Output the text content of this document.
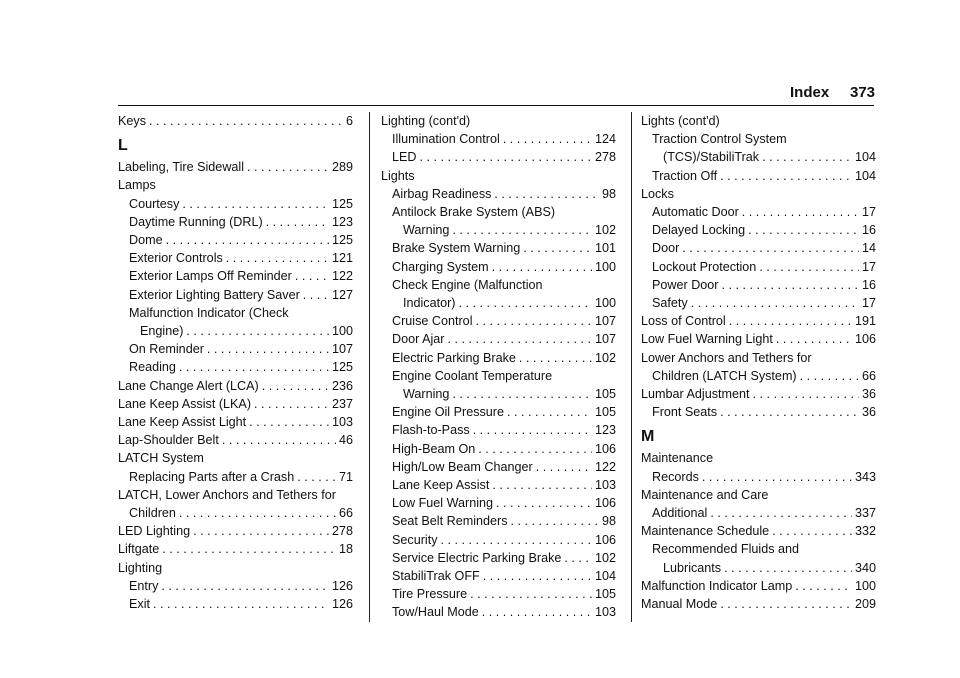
Index 373
Keys . . .	6
L
Labeling, Tire Sidewall . . .	289
Lamps
Courtesy . . .	125
Daytime Running (DRL) . . .	123
Dome . . .	125
Exterior Controls . . .	121
Exterior Lamps Off Reminder . . .	122
Exterior Lighting Battery Saver . . .	127
Malfunction Indicator (Check
Engine) . . .	100
On Reminder . . .	107
Reading . . .	125
Lane Change Alert (LCA) . . .	236
Lane Keep Assist (LKA) . . .	237
Lane Keep Assist Light . . .	103
Lap-Shoulder Belt . . .	46
LATCH System
Replacing Parts after a Crash . . .	71
LATCH, Lower Anchors and Tethers for
Children . . .	66
LED Lighting . . .	278
Liftgate . . .	18
Lighting
Entry . . .	126
Exit . . .	126
Lighting (cont'd)
Illumination Control . . .	124
LED . . .	278
Lights
Airbag Readiness . . .	98
Antilock Brake System (ABS)
Warning . . .	102
Brake System Warning . . .	101
Charging System . . .	100
Check Engine (Malfunction
Indicator) . . .	100
Cruise Control . . .	107
Door Ajar . . .	107
Electric Parking Brake . . .	102
Engine Coolant Temperature
Warning . . .	105
Engine Oil Pressure . . .	105
Flash-to-Pass . . .	123
High-Beam On . . .	106
High/Low Beam Changer . . .	122
Lane Keep Assist . . .	103
Low Fuel Warning . . .	106
Seat Belt Reminders . . .	98
Security . . .	106
Service Electric Parking Brake . . .	102
StabiliTrak OFF . . .	104
Tire Pressure . . .	105
Tow/Haul Mode . . .	103
Lights (cont'd)
Traction Control System
(TCS)/StabiliTrak . . .	104
Traction Off . . .	104
Locks
Automatic Door . . .	17
Delayed Locking . . .	16
Door . . .	14
Lockout Protection . . .	17
Power Door . . .	16
Safety . . .	17
Loss of Control . . .	191
Low Fuel Warning Light . . .	106
Lower Anchors and Tethers for
Children (LATCH System) . . .	66
Lumbar Adjustment . . .	36
Front Seats . . .	36
M
Maintenance
Records . . .	343
Maintenance and Care
Additional . . .	337
Maintenance Schedule . . .	332
Recommended Fluids and
Lubricants . . .	340
Malfunction Indicator Lamp . . .	100
Manual Mode . . .	209
